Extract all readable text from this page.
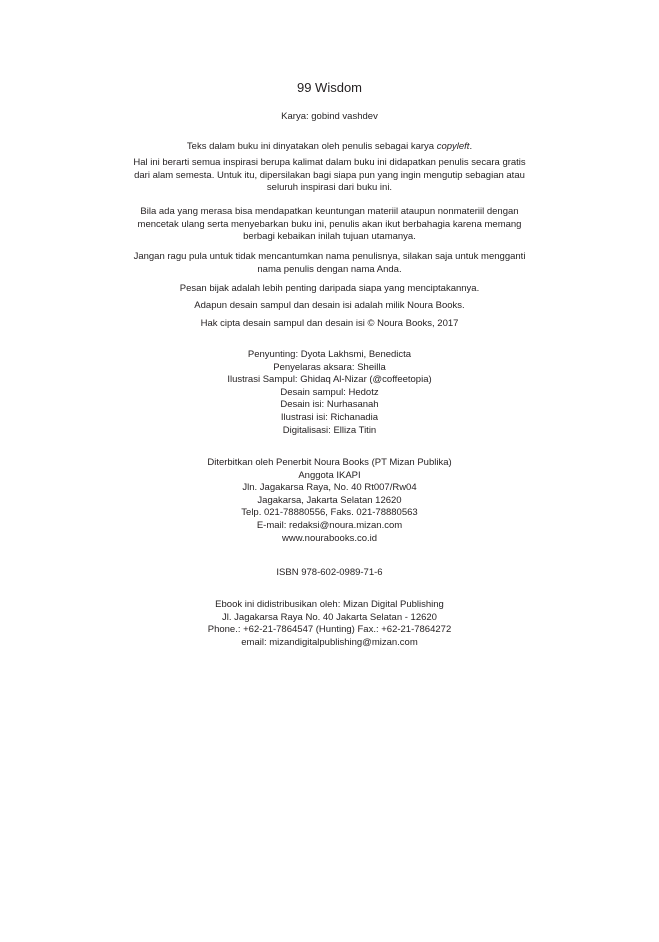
99 Wisdom
Karya: gobind vashdev
Teks dalam buku ini dinyatakan oleh penulis sebagai karya copyleft.
Hal ini berarti semua inspirasi berupa kalimat dalam buku ini didapatkan penulis secara gratis
dari alam semesta. Untuk itu, dipersilakan bagi siapa pun yang ingin mengutip sebagian atau
seluruh inspirasi dari buku ini.
Bila ada yang merasa bisa mendapatkan keuntungan materiil ataupun nonmateriil dengan
mencetak ulang serta menyebarkan buku ini, penulis akan ikut berbahagia karena memang
berbagi kebaikan inilah tujuan utamanya.
Jangan ragu pula untuk tidak mencantumkan nama penulisnya, silakan saja untuk mengganti
nama penulis dengan nama Anda.
Pesan bijak adalah lebih penting daripada siapa yang menciptakannya.
Adapun desain sampul dan desain isi adalah milik Noura Books.
Hak cipta desain sampul dan desain isi © Noura Books, 2017
Penyunting: Dyota Lakhsmi, Benedicta
Penyelaras aksara: Sheilla
Ilustrasi Sampul: Ghidaq Al-Nizar (@coffeetopia)
Desain sampul: Hedotz
Desain isi: Nurhasanah
Ilustrasi isi: Richanadia
Digitalisasi: Elliza Titin
Diterbitkan oleh Penerbit Noura Books (PT Mizan Publika)
Anggota IKAPI
Jln. Jagakarsa Raya, No. 40 Rt007/Rw04
Jagakarsa, Jakarta Selatan 12620
Telp. 021-78880556, Faks. 021-78880563
E-mail: redaksi@noura.mizan.com
www.nourabooks.co.id
ISBN 978-602-0989-71-6
Ebook ini didistribusikan oleh: Mizan Digital Publishing
Jl. Jagakarsa Raya No. 40 Jakarta Selatan - 12620
Phone.: +62-21-7864547 (Hunting) Fax.: +62-21-7864272
email: mizandigitalpublishing@mizan.com
